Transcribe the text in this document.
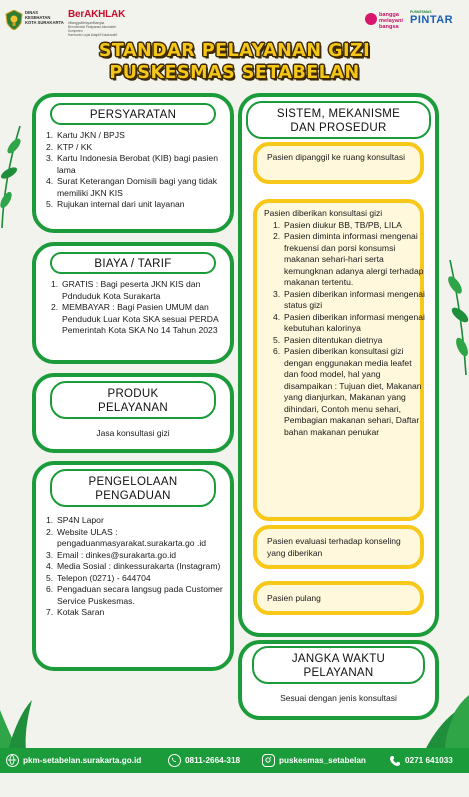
DINAS
KESEHATAN
KOTA SURAKARTA
BerAKHLAK
#BanggaMelayaniBangsa
Berorientasi Pelayanan Akuntabel Kompeten
Harmonis Loyal Adaptif Kolaboratif
bangga
melayani
bangsa
PUSKESMAS
PINTAR
STANDAR PELAYANAN GIZI
PUSKESMAS SETABELAN
PERSYARATAN
1. Kartu JKN / BPJS
2. KTP / KK
3. Kartu Indonesia Berobat (KIB) bagi pasien lama
4. Surat Keterangan Domisili bagi yang tidak memiliki JKN KIS
5. Rujukan internal dari unit layanan
BIAYA / TARIF
1. GRATIS : Bagi peserta JKN KIS dan Pdnduduk Kota Surakarta
2. MEMBAYAR : Bagi Pasien UMUM dan Penduduk Luar Kota SKA sesuai PERDA Pemerintah Kota SKA No 14 Tahun 2023
PRODUK
PELAYANAN
Jasa konsultasi gizi
PENGELOLAAN
PENGADUAN
1. SP4N Lapor
2. Website ULAS : pengaduanmasyarakat.surakarta.go .id
3. Email : dinkes@surakarta.go.id
4. Media Sosial : dinkessurakarta (Instagram)
5. Telepon (0271) - 644704
6. Pengaduan secara langsug pada Customer Service Puskesmas.
7. Kotak Saran
SISTEM, MEKANISME
DAN PROSEDUR
Pasien dipanggil ke ruang konsultasi
Pasien diberikan konsultasi gizi
1. Pasien diukur BB, TB/PB, LILA
2. Pasien diminta informasi mengenai frekuensi dan porsi konsumsi makanan sehari-hari serta kemungknan adanya alergi terhadap makanan tertentu.
3. Pasien diberikan informasi mengenai status gizi
4. Pasien diberikan informasi mengenai kebutuhan kalorinya
5. Pasien ditentukan dietnya
6. Pasien diberikan konsultasi gizi dengan enggunakan media leafet dan food model, hal yang disampaikan : Tujuan diet, Makanan yang dianjurkan, Makanan yang dihindari, Contoh menu sehari, Pembagian makanan sehari, Daftar bahan makanan penukar
Pasien evaluasi terhadap konseling yang diberikan
Pasien pulang
JANGKA WAKTU
PELAYANAN
Sesuai dengan jenis konsultasi
pkm-setabelan.surakarta.go.id	0811-2664-318	puskesmas_setabelan	0271 641033
